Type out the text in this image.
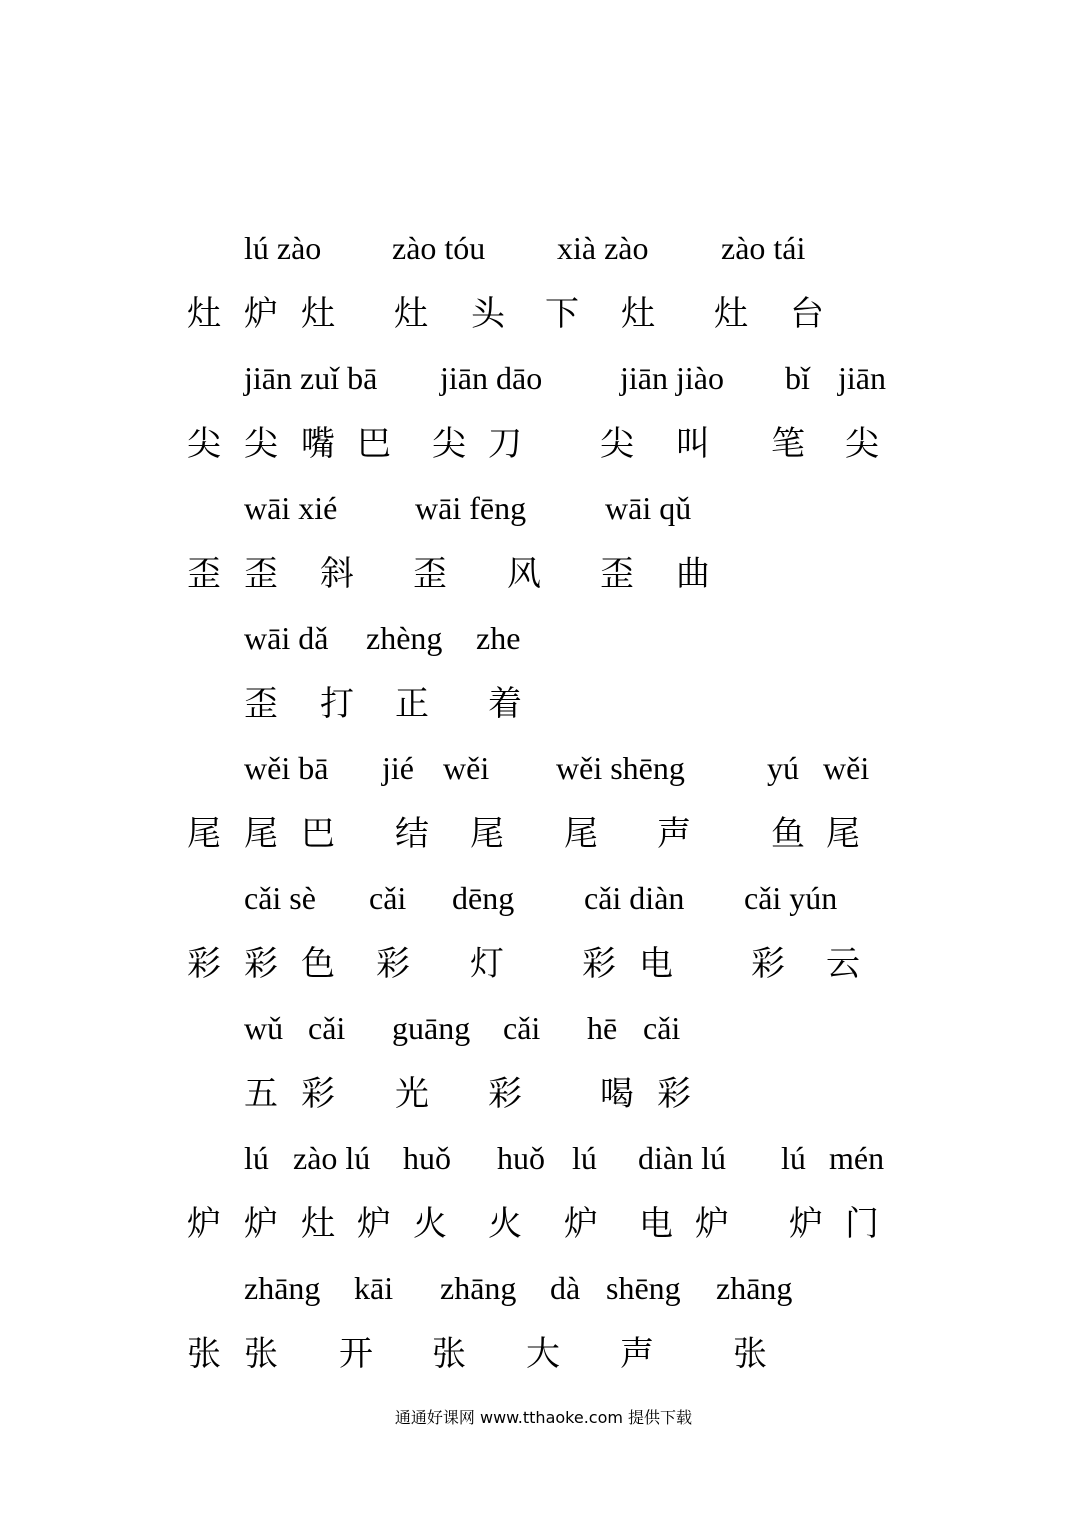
lú zào zào tóu xià zào zào tái
灶 炉 灶 灶 头 下 灶 灶 台
jiān zuǐ bā jiān dāo jiān jiào bǐ jiān
尖 尖 嘴 巴 尖 刀 尖 叫 笔 尖
wāi xié wāi fēng wāi qǔ
歪 歪 斜 歪 风 歪 曲
wāi dǎ zhèng zhe
歪 打 正 着
wěi bā jié wěi wěi shēng	yú wěi
尾 尾 巴 结 尾 尾 声 鱼 尾
cǎi sè cǎi dēng cǎi diàn cǎi yún
彩 彩 色 彩 灯 彩 电 彩 云
wǔ cǎi guāng cǎi hē cǎi
五 彩 光 彩 喝 彩
lú zào lú huǒ huǒ lú diàn lú lú mén
炉 炉 灶 炉 火 火 炉 电 炉 炉 门
zhāng kāi zhāng dà shēng zhāng
张 张 开 张 大 声 张
通通好课网 www.tthaoke.com 提供下载
